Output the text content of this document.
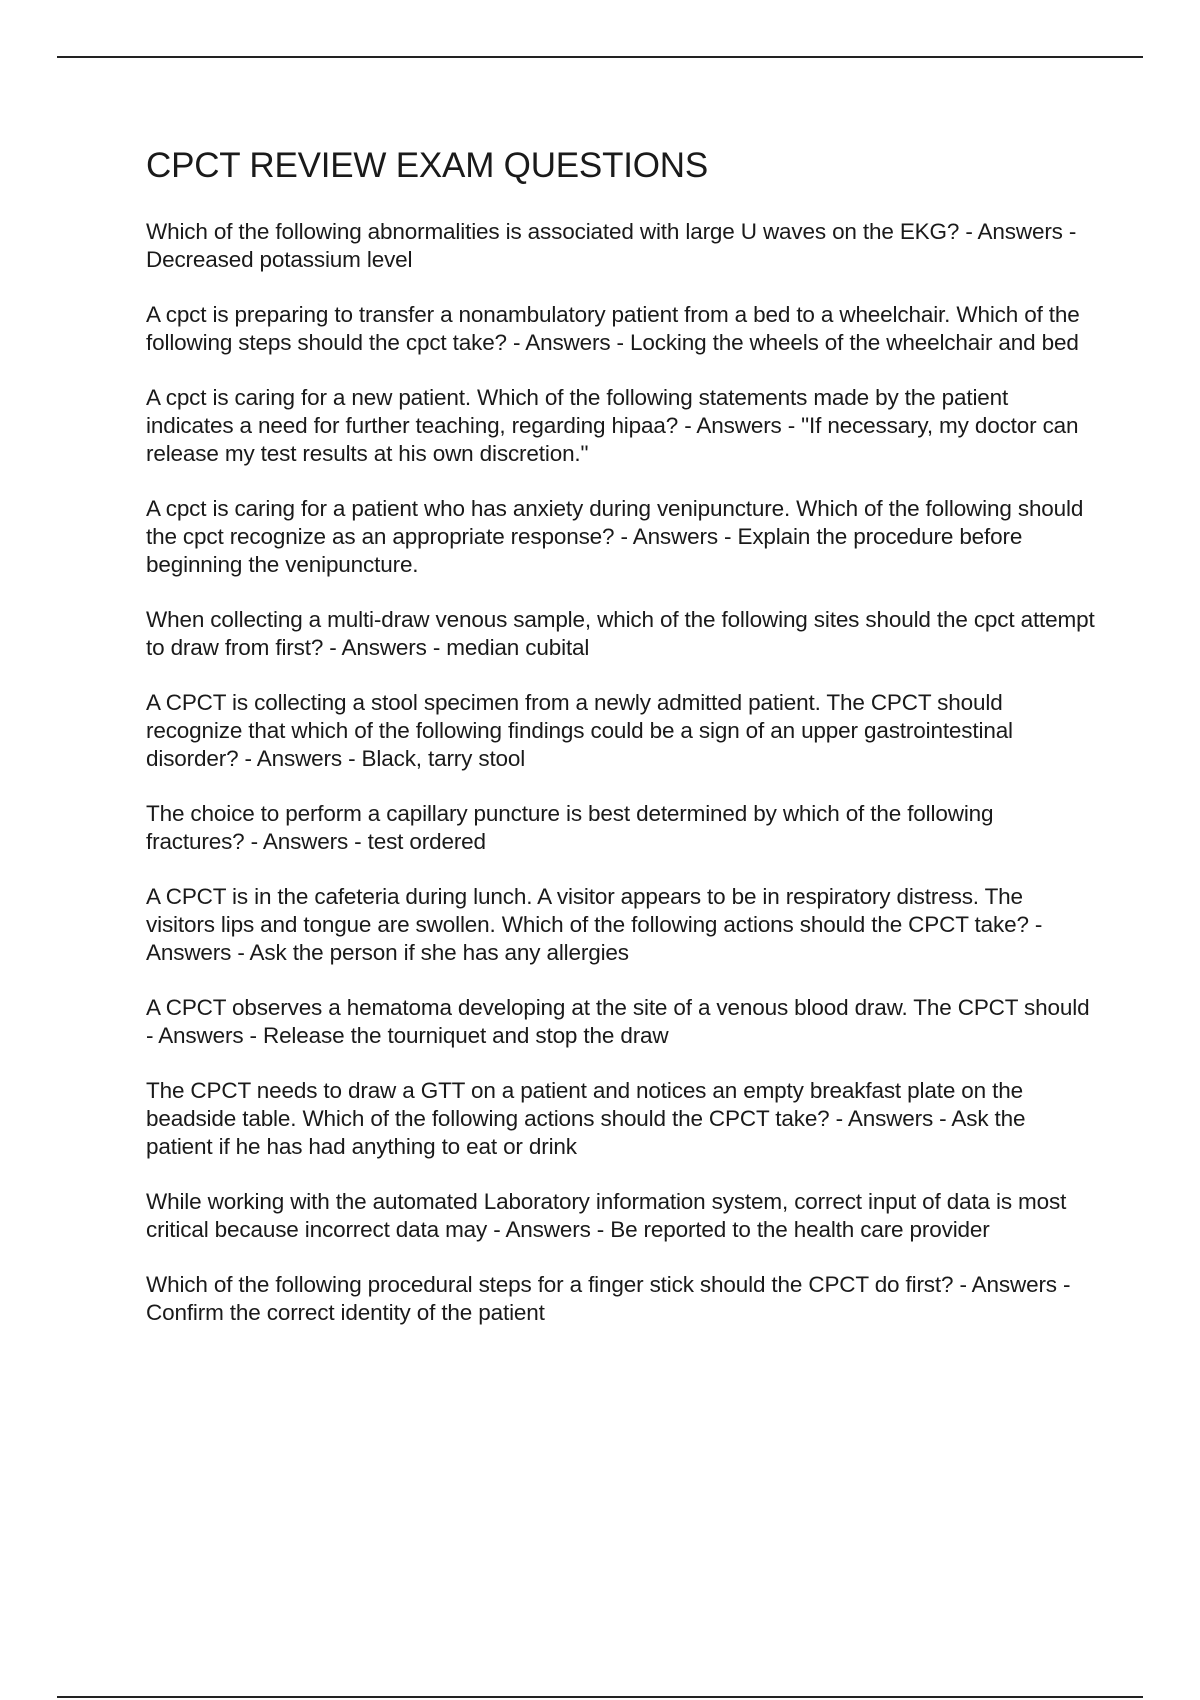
CPCT REVIEW EXAM QUESTIONS
Which of the following abnormalities is associated with large U waves on the EKG? - Answers - Decreased potassium level
A cpct is preparing to transfer a nonambulatory patient from a bed to a wheelchair. Which of the following steps should the cpct take? - Answers - Locking the wheels of the wheelchair and bed
A cpct is caring for a new patient. Which of the following statements made by the patient indicates a need for further teaching, regarding hipaa? - Answers - "If necessary, my doctor can release my test results at his own discretion."
A cpct is caring for a patient who has anxiety during venipuncture. Which of the following should the cpct recognize as an appropriate response? - Answers - Explain the procedure before beginning the venipuncture.
When collecting a multi-draw venous sample, which of the following sites should the cpct attempt to draw from first? - Answers - median cubital
A CPCT is collecting a stool specimen from a newly admitted patient. The CPCT should recognize that which of the following findings could be a sign of an upper gastrointestinal disorder? - Answers - Black, tarry stool
The choice to perform a capillary puncture is best determined by which of the following fractures? - Answers - test ordered
A CPCT is in the cafeteria during lunch. A visitor appears to be in respiratory distress. The visitors lips and tongue are swollen. Which of the following actions should the CPCT take? - Answers - Ask the person if she has any allergies
A CPCT observes a hematoma developing at the site of a venous blood draw. The CPCT should - Answers - Release the tourniquet and stop the draw
The CPCT needs to draw a GTT on a patient and notices an empty breakfast plate on the beadside table. Which of the following actions should the CPCT take? - Answers - Ask the patient if he has had anything to eat or drink
While working with the automated Laboratory information system, correct input of data is most critical because incorrect data may - Answers - Be reported to the health care provider
Which of the following procedural steps for a finger stick should the CPCT do first? - Answers - Confirm the correct identity of the patient
